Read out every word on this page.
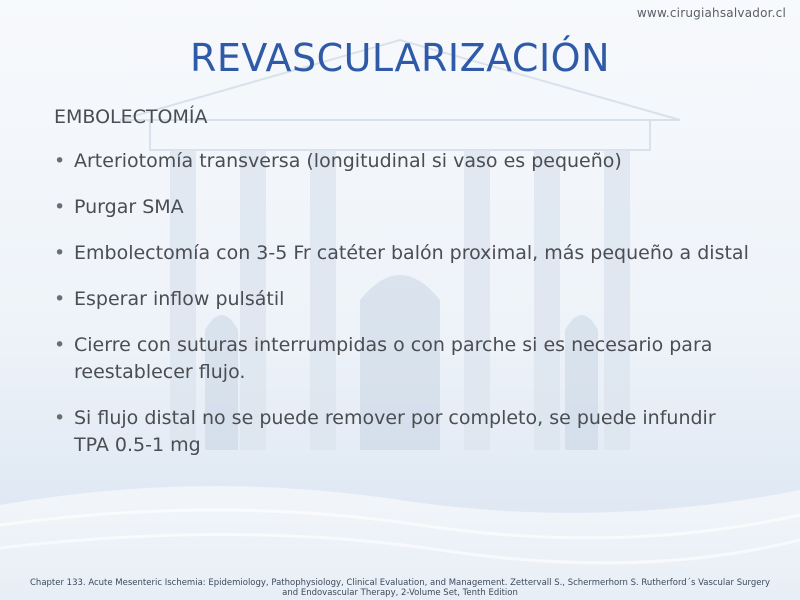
www.cirugiahsalvador.cl
REVASCULARIZACIÓN
EMBOLECTOMÍA
• Arteriotomía transversa (longitudinal si vaso es pequeño)
• Purgar SMA
• Embolectomía con 3-5 Fr catéter balón proximal, más pequeño a distal
• Esperar inflow pulsátil
• Cierre con suturas interrumpidas o con parche si es necesario para reestablecer flujo.
• Si flujo distal no se puede remover por completo, se puede infundir TPA 0.5-1 mg
Chapter 133. Acute Mesenteric Ischemia: Epidemiology, Pathophysiology, Clinical Evaluation, and Management. Zettervall S., Schermerhorn S. Rutherford´s Vascular Surgery and Endovascular Therapy, 2-Volume Set, Tenth Edition
